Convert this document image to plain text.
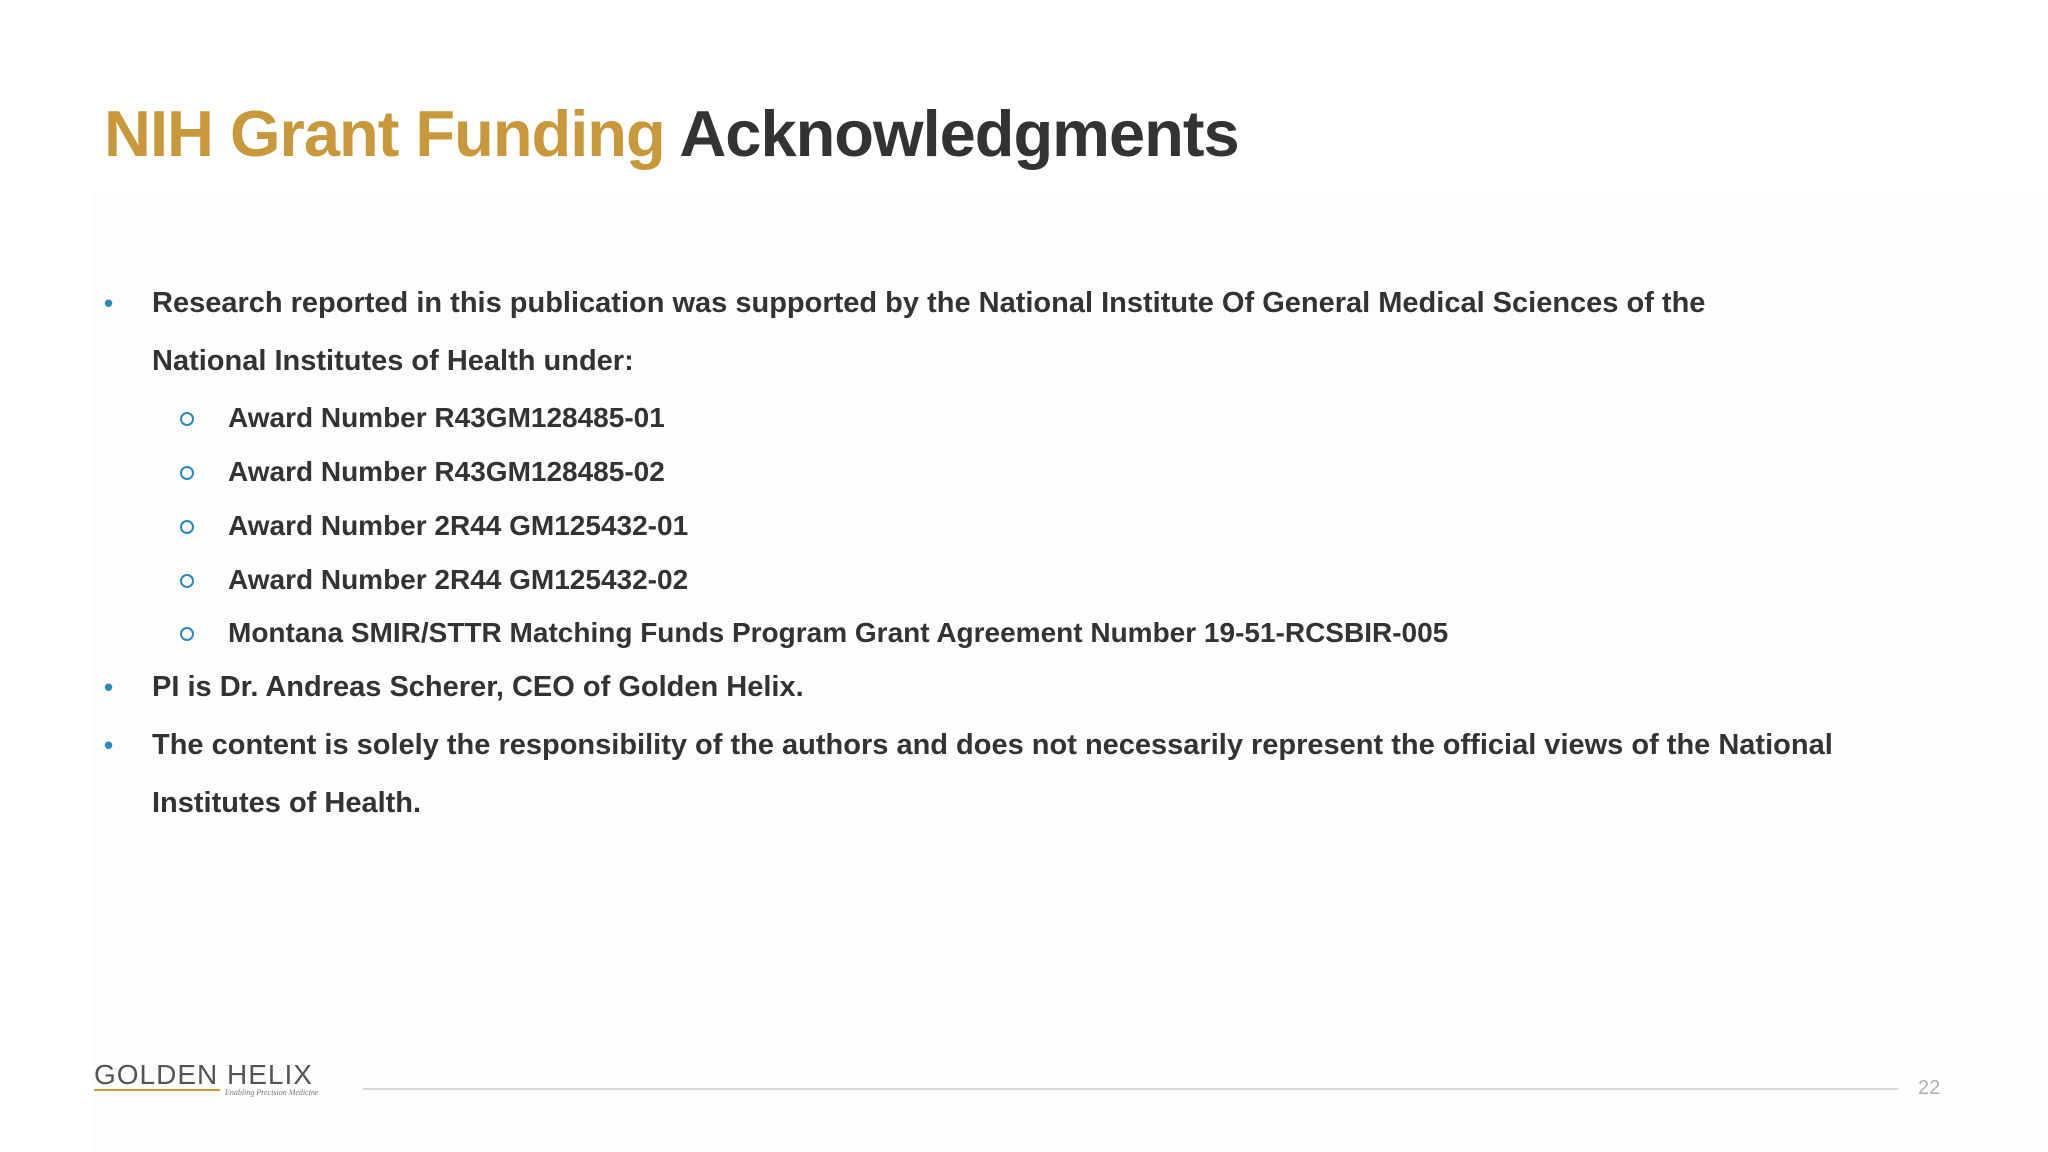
NIH Grant Funding Acknowledgments
•	Research reported in this publication was supported by the National Institute Of General Medical Sciences of the National Institutes of Health under:
Award Number R43GM128485-01
Award Number R43GM128485-02
Award Number 2R44 GM125432-01
Award Number 2R44 GM125432-02
Montana SMIR/STTR Matching Funds Program Grant Agreement Number 19-51-RCSBIR-005
•	PI is Dr. Andreas Scherer, CEO of Golden Helix.
•	The content is solely the responsibility of the authors and does not necessarily represent the official views of the National Institutes of Health.
GOLDEN HELIX
Enabling Precision Medicine	22
